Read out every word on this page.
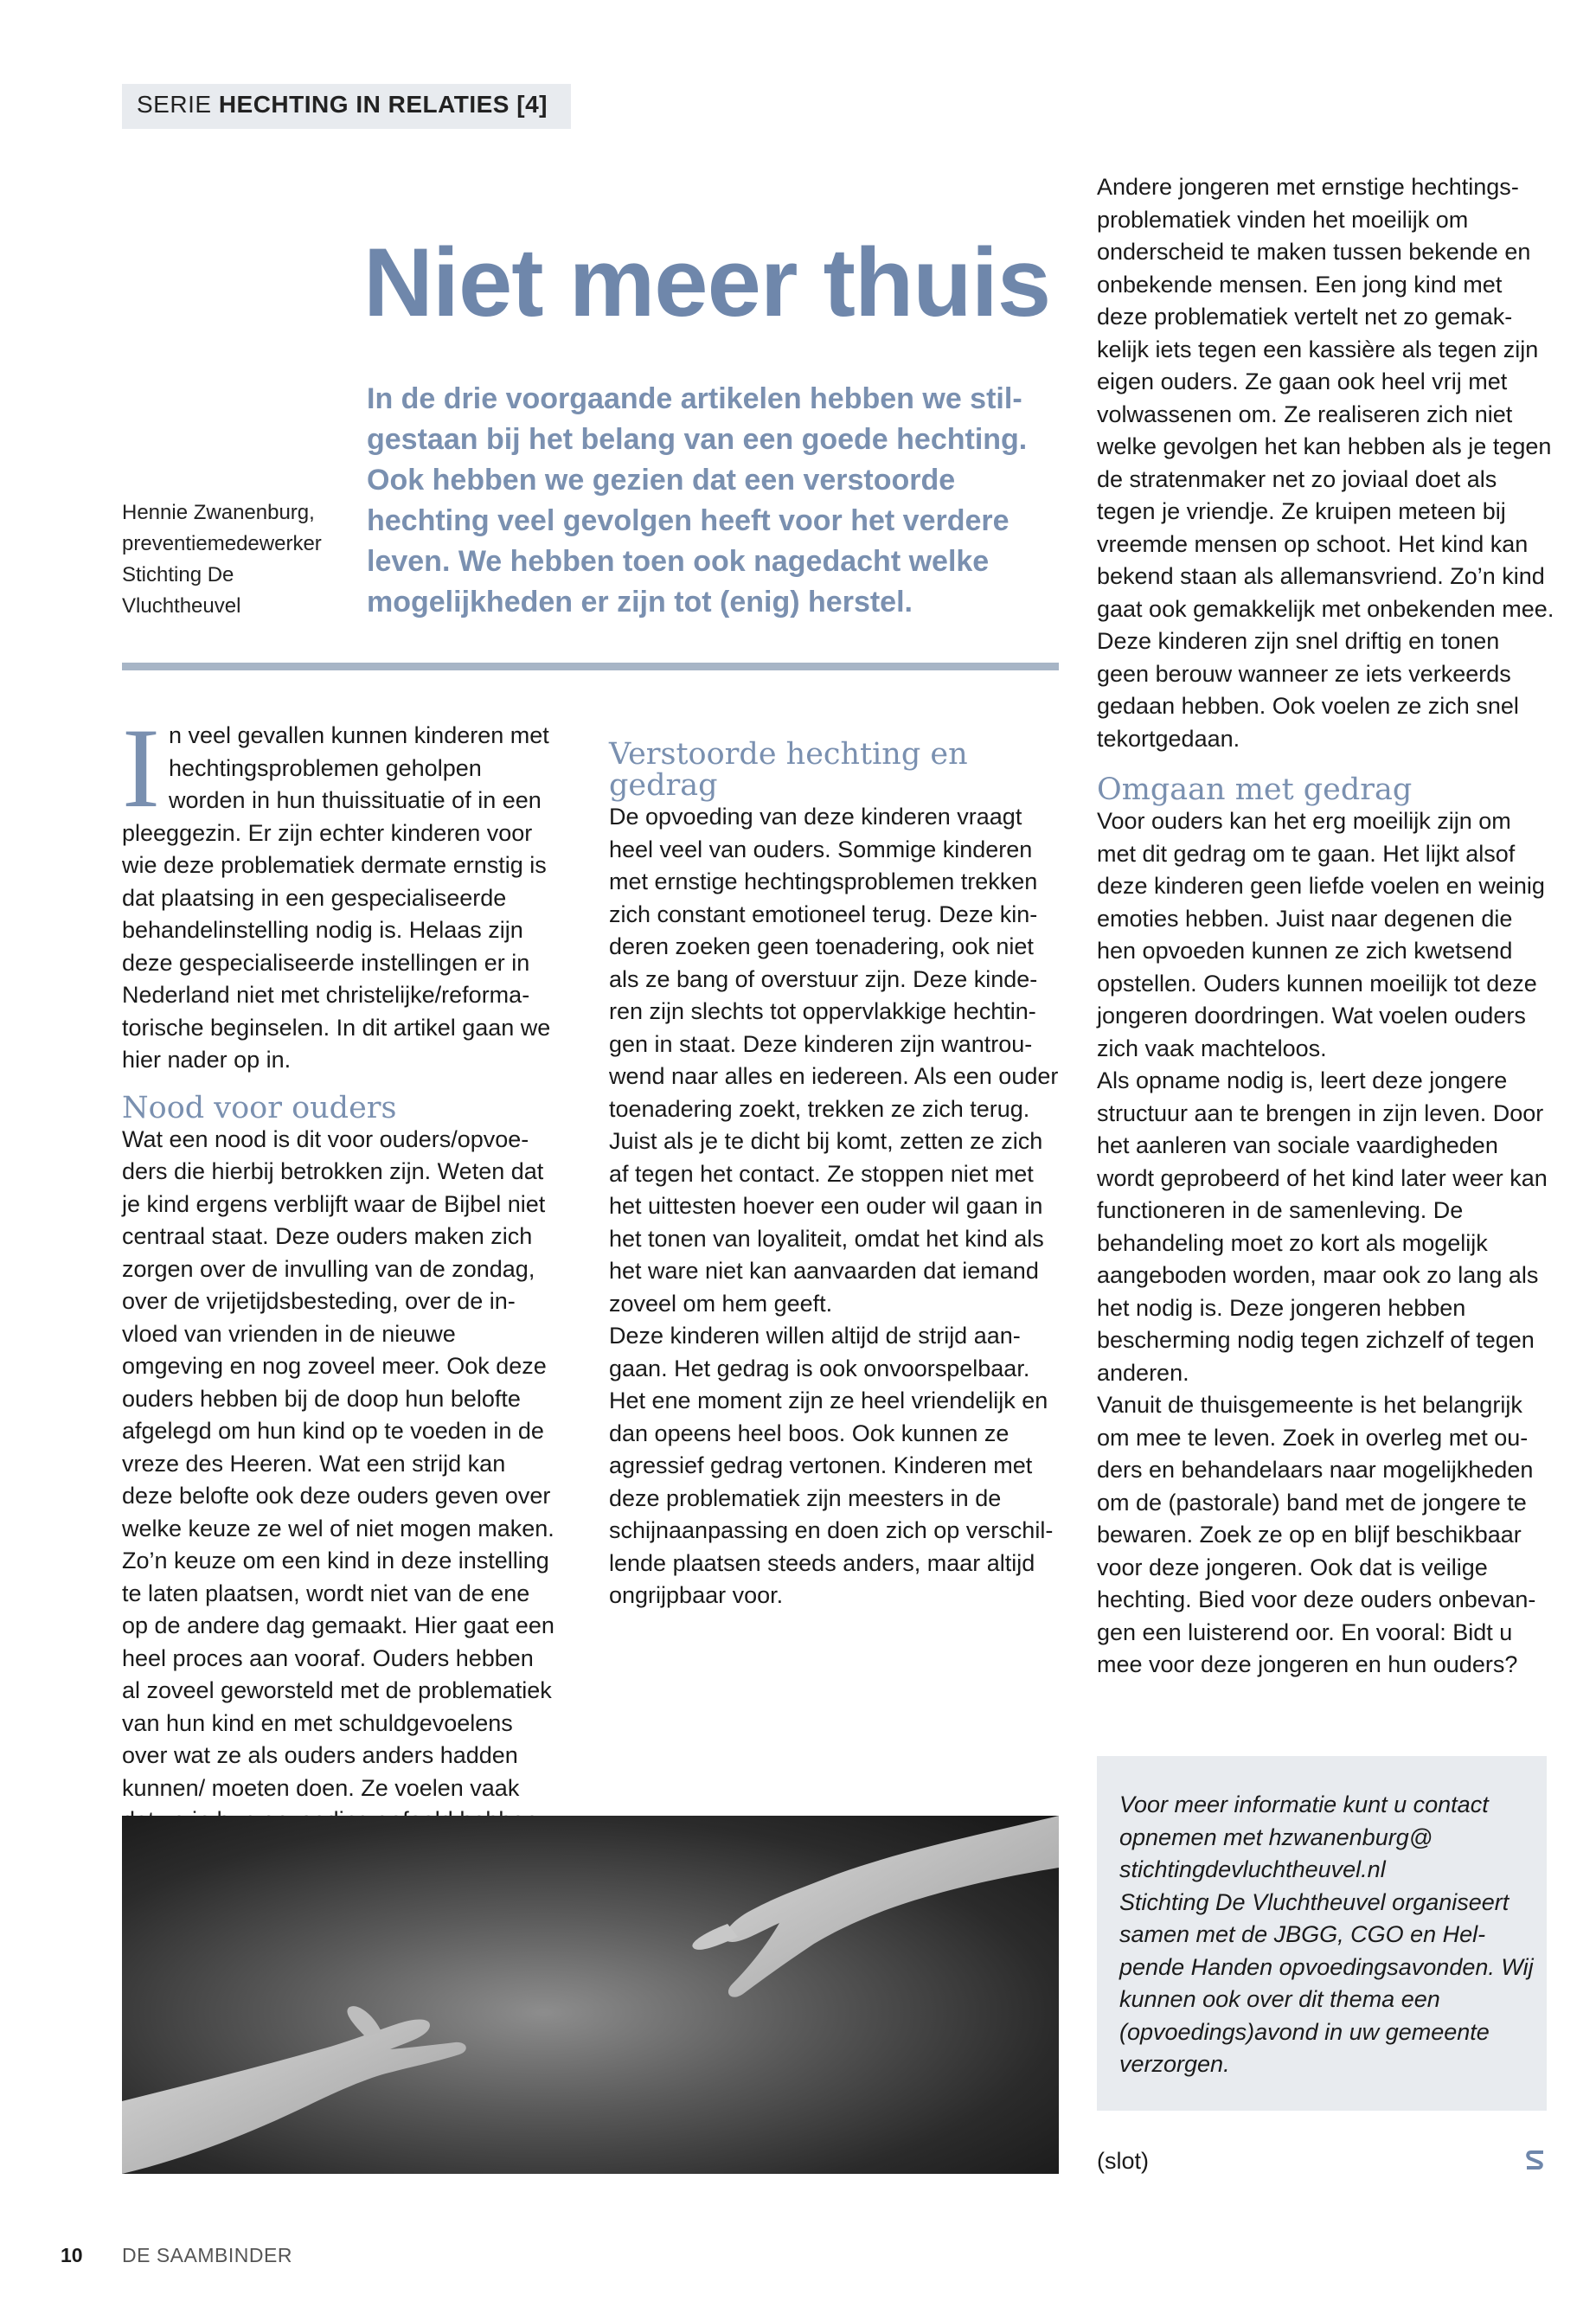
SERIE HECHTING IN RELATIES [4]
Niet meer thuis
In de drie voorgaande artikelen hebben we stilgestaan bij het belang van een goede hechting. Ook hebben we gezien dat een verstoorde hechting veel gevolgen heeft voor het verdere leven. We hebben toen ook nagedacht welke mogelijkheden er zijn tot (enig) herstel.
Hennie Zwanenburg,
preventiemedewerker Stichting De Vluchtheuvel

In veel gevallen kunnen kinderen met hechtingsproblemen geholpen worden in hun thuissituatie of in een pleeggezin. Er zijn echter kinderen voor wie deze problematiek dermate ernstig is dat plaatsing in een gespecialiseerde behandelinstelling nodig is. Helaas zijn deze gespecialiseerde instellingen er in Nederland niet met christelijke/reformatorische beginselen. In dit artikel gaan we hier nader op in.

Nood voor ouders

Wat een nood is dit voor ouders/opvoeders die hierbij betrokken zijn. Weten dat je kind ergens verblijft waar de Bijbel niet centraal staat. Deze ouders maken zich zorgen over de invulling van de zondag, over de vrijetijdsbesteding, over de invloed van vrienden in de nieuwe omgeving en nog zoveel meer. Ook deze ouders hebben bij de doop hun belofte afgelegd om hun kind op te voeden in de vreze des Heeren. Wat een strijd kan deze belofte ook deze ouders geven over welke keuze ze wel of niet mogen maken.

Zo’n keuze om een kind in deze instelling te laten plaatsen, wordt niet van de ene op de andere dag gemaakt. Hier gaat een heel proces aan vooraf. Ouders hebben al zoveel geworsteld met de problematiek van hun kind en met schuldgevoelens over wat ze als ouders anders hadden kunnen/ moeten doen. Ze voelen vaak

Verstoorde hechting en gedrag

De opvoeding van deze kinderen vraagt heel veel van ouders. Sommige kinderen met ernstige hechtingsproblemen trekken zich constant emotioneel terug. Deze kinderen zoeken geen toenadering, ook niet als ze bang of overstuur zijn. Deze kinderen zijn slechts tot oppervlakkige hechtingen in staat. Deze kinderen zijn wantrouwend naar alles en iedereen. Als een ouder toenadering zoekt, trekken ze zich terug. Juist als je te dicht bij komt, zetten ze zich af tegen het contact. Ze stoppen niet met het uittesten hoever een ouder wil gaan in het tonen van loyaliteit, omdat het kind als het ware niet kan aanvaarden dat iemand zoveel om hem geeft.

Deze kinderen willen altijd de strijd aangaan. Het gedrag is ook onvoorspelbaar. Het ene moment zijn ze heel vriendelijk en dan opeens heel boos. Ook kunnen ze agressief gedrag vertonen. Kinderen met deze problematiek zijn meesters in de schijnaanpassing en doen zich op verschillende plaatsen steeds anders, maar altijd ongrijpbaar voor.

Andere jongeren met ernstige hechtingsproblematiek vinden het moeilijk om onderscheid te maken tussen bekende en onbekende mensen. Een jong kind met deze problematiek vertelt net zo gemakkelijk iets tegen een kassière als tegen zijn eigen ouders. Ze gaan ook heel vrij met volwassenen om. Ze realiseren zich niet welke gevolgen het kan hebben als je tegen de stratenmaker net zo joviaal doet als tegen je vriendje. Ze kruipen meteen bij vreemde mensen op schoot. Het kind kan bekend staan als allemansvriend. Zo’n kind gaat ook gemakkelijk met onbekenden mee. Deze kinderen zijn snel driftig en tonen geen berouw wanneer ze iets verkeerds gedaan hebben. Ook voelen ze zich snel tekortgedaan.

Omgaan met gedrag

Voor ouders kan het erg moeilijk zijn om met dit gedrag om te gaan. Het lijkt alsof deze kinderen geen liefde voelen en weinig emoties hebben. Juist naar degenen die hen opvoeden kunnen ze zich kwetsend opstellen. Ouders kunnen moeilijk tot deze jongeren doordringen. Wat voelen ouders zich vaak machteloos.

Als opname nodig is, leert deze jongere structuur aan te brengen in zijn leven. Door het aanleren van sociale vaardigheden wordt geprobeerd of het kind later weer kan functioneren in de samenleving. De behandeling moet zo kort als mogelijk aangeboden worden, maar ook zo lang als het nodig is. Deze jongeren hebben bescherming nodig tegen zichzelf of tegen anderen.

Vanuit de thuisgemeente is het belangrijk om mee te leven. Zoek in overleg met ouders en behandelaars naar mogelijkheden om de (pastorale) band met de jongere te bewaren. Zoek ze op en blijf beschikbaar voor deze jongeren. Ook dat is veilige hechting. Bied voor deze ouders onbevangen een luisterend oor. En vooral: Bidt u mee voor deze jongeren en hun ouders?

Voor meer informatie kunt u contact opnemen met hzwanenburg@ stichtingdevluchtheuvel.nl
Stichting De Vluchtheuvel organiseert samen met de JBGG, CGO en Helpende Handen opvoedingsavonden. Wij kunnen ook over dit thema een (opvoedings)avond in uw gemeente verzorgen.
(slot)
10 DE SAAMBINDER
